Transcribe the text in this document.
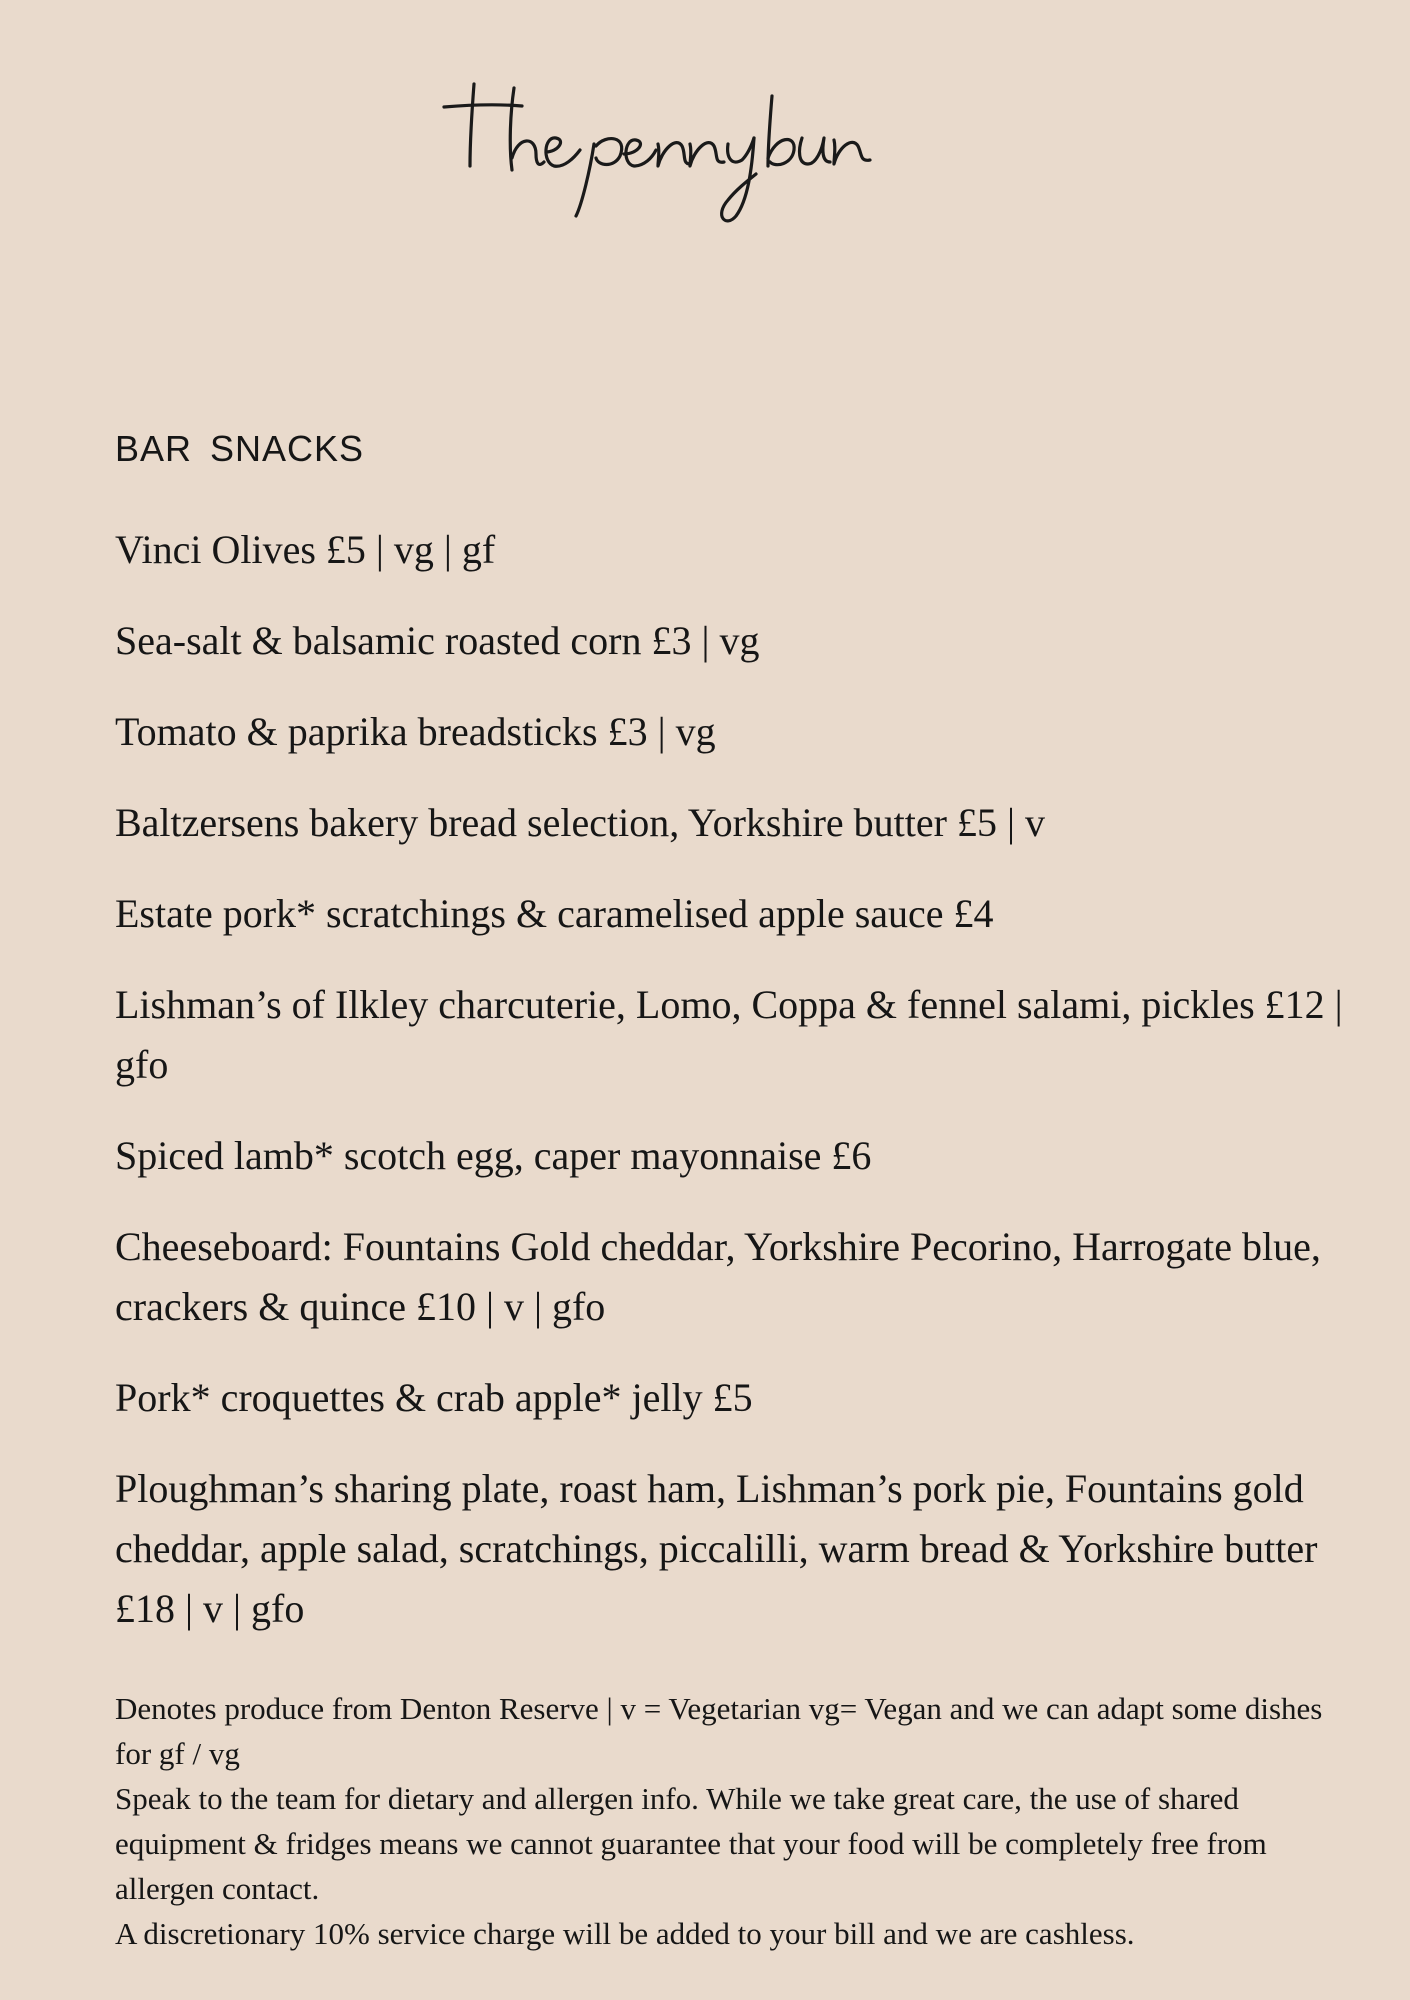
BAR SNACKS
Vinci Olives £5 | vg | gf
Sea-salt & balsamic roasted corn £3 | vg
Tomato & paprika breadsticks £3 | vg
Baltzersens bakery bread selection, Yorkshire butter £5 | v
Estate pork* scratchings & caramelised apple sauce £4
Lishman’s of Ilkley charcuterie, Lomo, Coppa & fennel salami, pickles £12 | gfo
Spiced lamb* scotch egg, caper mayonnaise £6
Cheeseboard: Fountains Gold cheddar, Yorkshire Pecorino, Harrogate blue, crackers & quince £10 | v | gfo
Pork* croquettes & crab apple* jelly £5
Ploughman’s sharing plate, roast ham, Lishman’s pork pie, Fountains gold cheddar, apple salad, scratchings, piccalilli, warm bread & Yorkshire butter £18 | v | gfo

Denotes produce from Denton Reserve | v = Vegetarian vg= Vegan and we can adapt some dishes for gf / vg

Speak to the team for dietary and allergen info. While we take great care, the use of shared equipment & fridges means we cannot guarantee that your food will be completely free from allergen contact.

A discretionary 10% service charge will be added to your bill and we are cashless.
